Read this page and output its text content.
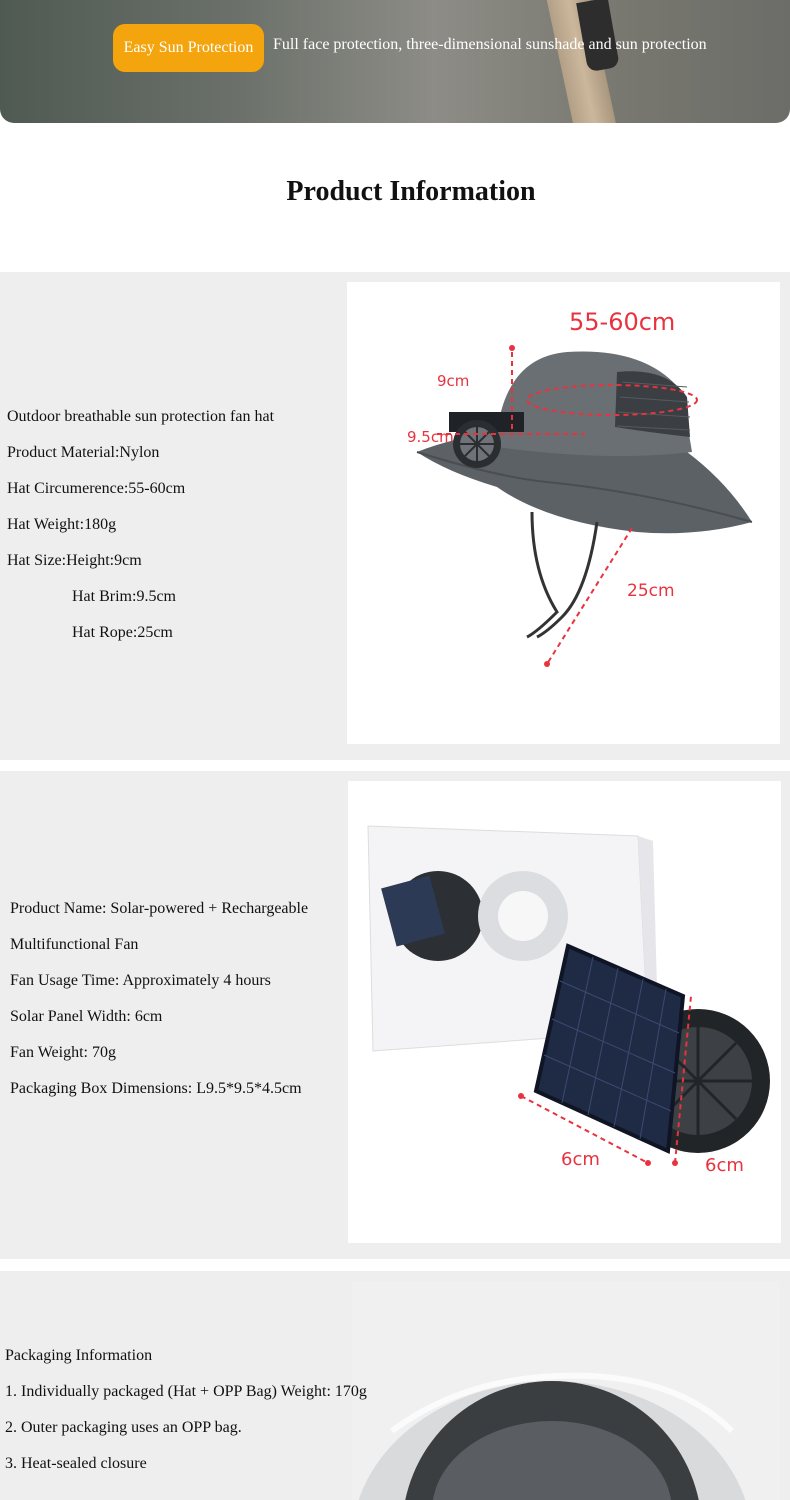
Easy Sun Protection	Full face protection, three-dimensional sunshade and sun protection
Product Information
Outdoor breathable sun protection fan hat
Product Material:Nylon
Hat Circumerence:55-60cm
Hat Weight:180g
Hat Size:Height:9cm
Hat Brim:9.5cm
Hat Rope:25cm
55-60cm
9cm
9.5cm
25cm
Product Name: Solar-powered + Rechargeable
Multifunctional Fan
Fan Usage Time: Approximately 4 hours
Solar Panel Width: 6cm
Fan Weight: 70g
Packaging Box Dimensions: L9.5*9.5*4.5cm
6cm	6cm
Packaging Information
1. Individually packaged (Hat + OPP Bag) Weight: 170g
2. Outer packaging uses an OPP bag.
3. Heat-sealed closure
